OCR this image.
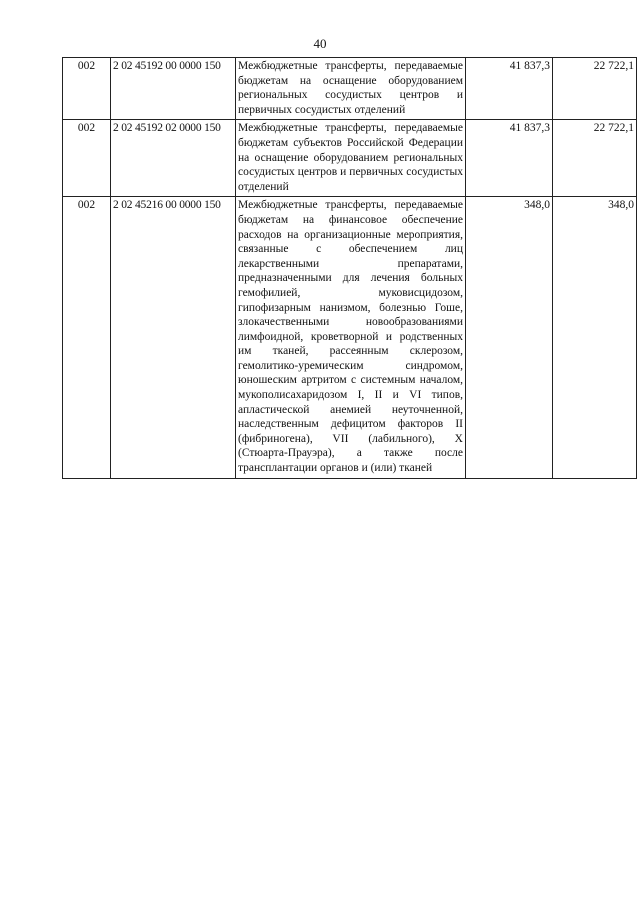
40
002	2 02 45192 00 0000 150	Межбюджетные трансферты, передаваемые бюджетам на оснащение оборудованием региональных сосудистых центров и первичных сосудистых отделений	41 837,3	22 722,1
002	2 02 45192 02 0000 150	Межбюджетные трансферты, передаваемые бюджетам субъектов Российской Федерации на оснащение оборудованием региональных сосудистых центров и первичных сосудистых отделений	41 837,3	22 722,1
002	2 02 45216 00 0000 150	Межбюджетные трансферты, передаваемые бюджетам на финансовое обеспечение расходов на организационные мероприятия, связанные с обеспечением лиц лекарственными препаратами, предназначенными для лечения больных гемофилией, муковисцидозом, гипофизарным нанизмом, болезнью Гоше, злокачественными новообразованиями лимфоидной, кроветворной и родственных им тканей, рассеянным склерозом, гемолитико-уремическим синдромом, юношеским артритом с системным началом, мукополисахаридозом I, II и VI типов, апластической анемией неуточненной, наследственным дефицитом факторов II (фибриногена), VII (лабильного), X (Стюарта-Прауэра), а также после трансплантации органов и (или) тканей	348,0	348,0
